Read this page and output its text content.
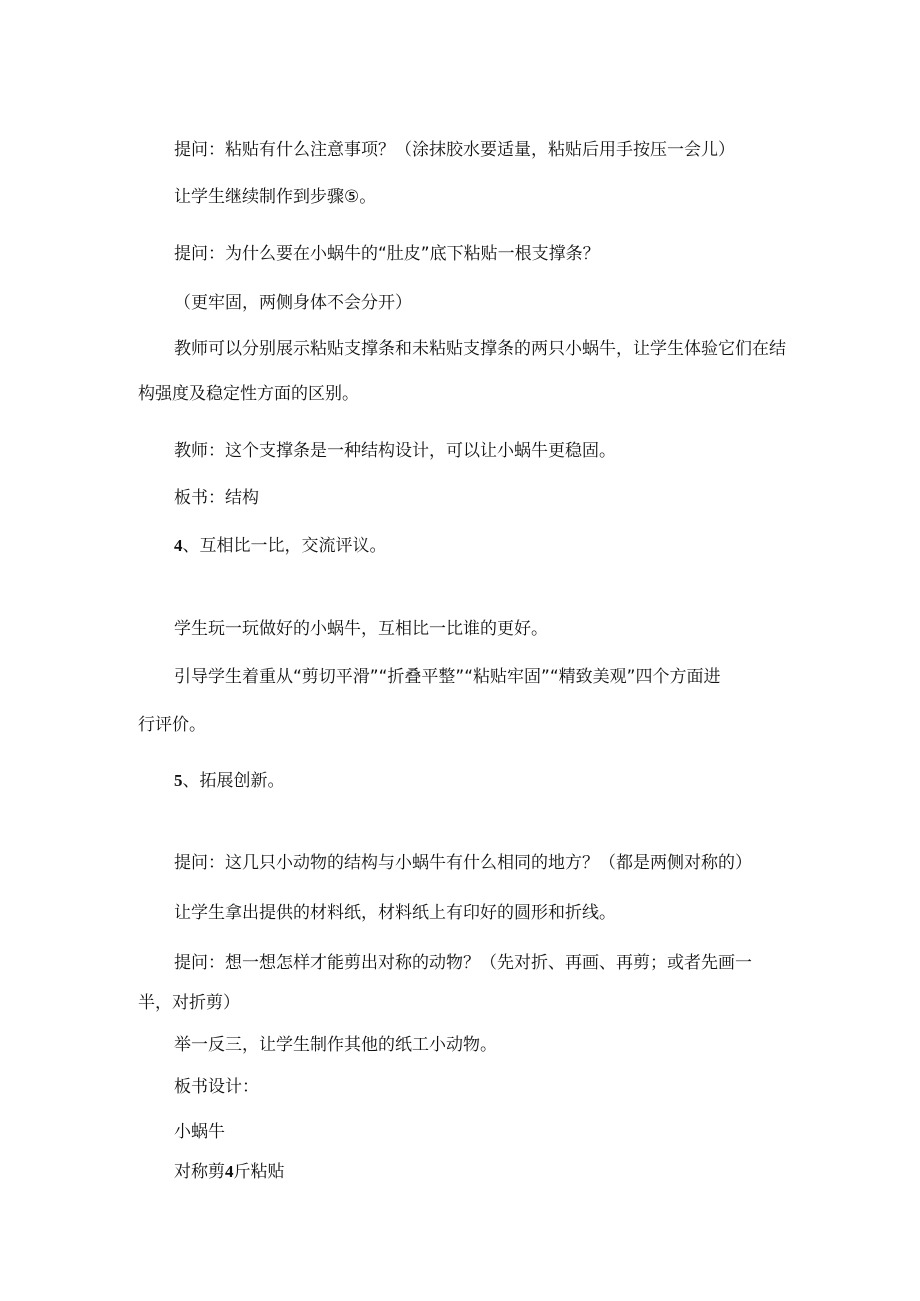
提问：粘贴有什么注意事项？（涂抹胶水要适量，粘贴后用手按压一会儿）
让学生继续制作到步骤⑤。
提问：为什么要在小蜗牛的“肚皮”底下粘贴一根支撑条？
（更牢固，两侧身体不会分开）
教师可以分别展示粘贴支撑条和未粘贴支撑条的两只小蜗牛，让学生体验它们在结
构强度及稳定性方面的区别。
教师：这个支撑条是一种结构设计，可以让小蜗牛更稳固。
板书：结构
4、互相比一比，交流评议。
学生玩一玩做好的小蜗牛，互相比一比谁的更好。
引导学生着重从“剪切平滑”“折叠平整”“粘贴牢固”“精致美观”四个方面进
行评价。
5、拓展创新。
提问：这几只小动物的结构与小蜗牛有什么相同的地方？（都是两侧对称的）
让学生拿出提供的材料纸，材料纸上有印好的圆形和折线。
提问：想一想怎样才能剪出对称的动物？（先对折、再画、再剪；或者先画一
半，对折剪）
举一反三，让学生制作其他的纸工小动物。
板书设计：
小蜗牛
对称剪4斤粘贴
